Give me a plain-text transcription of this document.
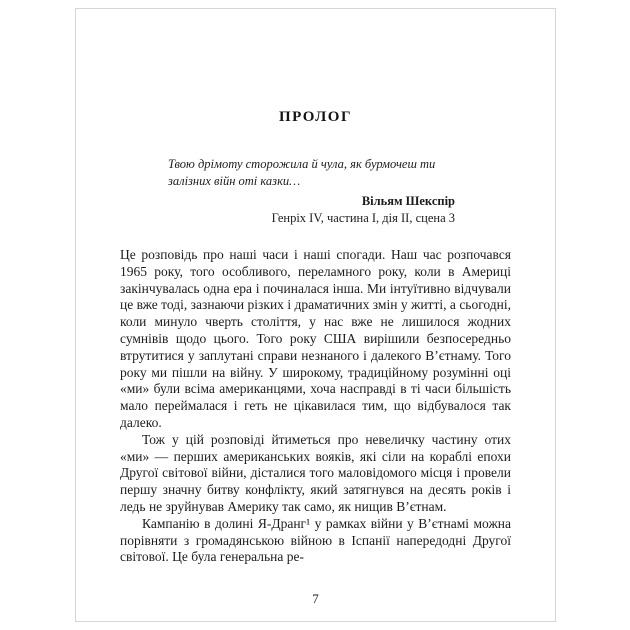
ПРОЛОГ

Твою дрімоту сторожила й чула, як бурмочеш ти
залізних війн оті казки…

Вільям Шекспір

Генріх IV, частина I, дія II, сцена 3

Це розповідь про наші часи і наші спогади. Наш час розпочався 1965 року, того особливого, переламного року, коли в Америці закінчувалась одна ера і починалася інша. Ми інтуїтивно відчували це вже тоді, зазнаючи різких і драматичних змін у житті, а сьогодні, коли минуло чверть століття, у нас вже не лишилося жодних сумнівів щодо цього. Того року США вирішили безпосередньо втрутитися у заплутані справи незнаного і далекого В’єтнаму. Того року ми пішли на війну. У широкому, традиційному розумінні оці «ми» були всіма американцями, хоча насправді в ті часи більшість мало переймалася і геть не цікавилася тим, що відбувалося так далеко.

Тож у цій розповіді йтиметься про невеличку частину отих «ми» — перших американських вояків, які сіли на кораблі епохи Другої світової війни, дісталися того маловідомого місця і провели першу значну битву конфлікту, який затягнувся на десять років і ледь не зруйнував Америку так само, як нищив В’єтнам.

Кампанію в долині Я-Дранг¹ у рамках війни у В’єтнамі можна порівняти з громадянською війною в Іспанії напередодні Другої світової. Це була генеральна ре-

7
